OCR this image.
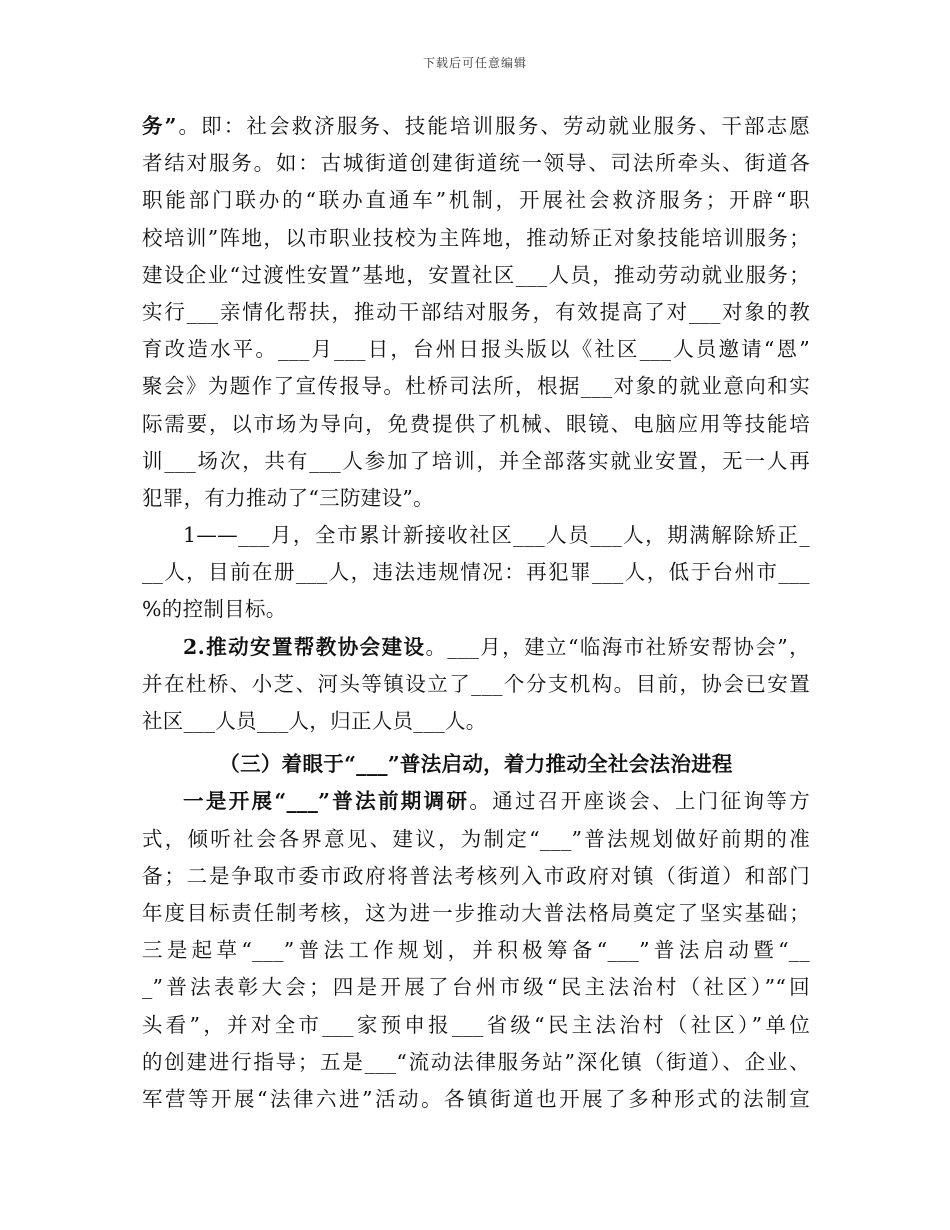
下载后可任意编辑
务”。即：社会救济服务、技能培训服务、劳动就业服务、干部志愿
者结对服务。如：古城街道创建街道统一领导、司法所牵头、街道各
职能部门联办的“联办直通车”机制，开展社会救济服务；开辟“职
校培训”阵地，以市职业技校为主阵地，推动矫正对象技能培训服务；
建设企业“过渡性安置”基地，安置社区___人员，推动劳动就业服务；
实行___亲情化帮扶，推动干部结对服务，有效提高了对___对象的教
育改造水平。___月___日，台州日报头版以《社区___人员邀请“恩”
聚会》为题作了宣传报导。杜桥司法所，根据___对象的就业意向和实
际需要，以市场为导向，免费提供了机械、眼镜、电脑应用等技能培
训___场次，共有___人参加了培训，并全部落实就业安置，无一人再
犯罪，有力推动了“三防建设”。
1——___月，全市累计新接收社区___人员___人，期满解除矫正_
__人，目前在册___人，违法违规情况：再犯罪___人，低于台州市___
%的控制目标。
2.推动安置帮教协会建设。___月，建立“临海市社矫安帮协会”，
并在杜桥、小芝、河头等镇设立了___个分支机构。目前，协会已安置
社区___人员___人，归正人员___人。
（三）着眼于“___”普法启动，着力推动全社会法治进程
一是开展“___”普法前期调研。通过召开座谈会、上门征询等方
式，倾听社会各界意见、建议，为制定“___”普法规划做好前期的准
备；二是争取市委市政府将普法考核列入市政府对镇（街道）和部门
年度目标责任制考核，这为进一步推动大普法格局奠定了坚实基础；
三是起草“___”普法工作规划，并积极筹备“___”普法启动暨“__
_”普法表彰大会；四是开展了台州市级“民主法治村（社区）”“回
头看”，并对全市___家预申报___省级“民主法治村（社区）”单位
的创建进行指导；五是___“流动法律服务站”深化镇（街道）、企业、
军营等开展“法律六进”活动。各镇街道也开展了多种形式的法制宣
